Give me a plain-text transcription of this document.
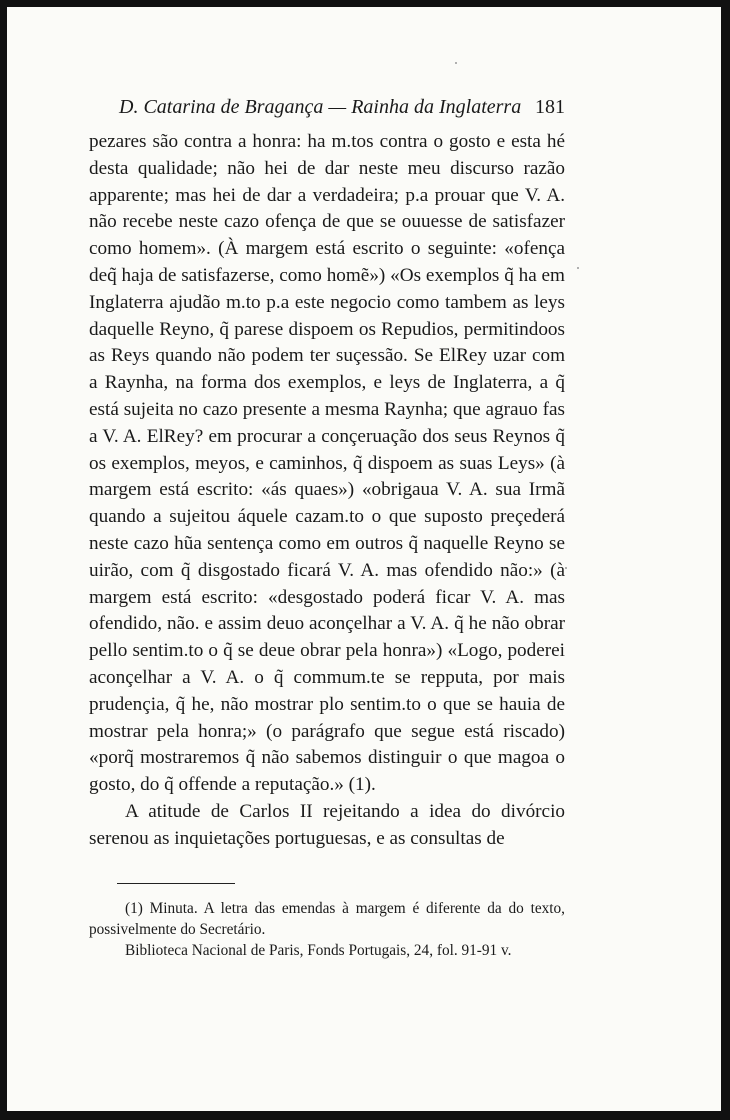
D. Catarina de Bragança — Rainha da Inglaterra 181

pezares são contra a honra: ha m.tos contra o gosto e esta hé desta qualidade; não hei de dar neste meu discurso razão apparente; mas hei de dar a verdadeira; p.a prouar que V. A. não recebe neste cazo ofença de que se ouuesse de satisfazer como homem». (À margem está escrito o seguinte: «ofença deq̃ haja de satisfazerse, como homẽ») «Os exemplos q̃ ha em Inglaterra ajudão m.to p.a este negocio como tambem as leys daquelle Reyno, q̃ parese dispoem os Repudios, permitindoos as Reys quando não podem ter suçessão. Se ElRey uzar com a Raynha, na forma dos exemplos, e leys de Inglaterra, a q̃ está sujeita no cazo presente a mesma Raynha; que agrauo fas a V. A. ElRey? em procurar a conçeruação dos seus Reynos q̃ os exemplos, meyos, e caminhos, q̃ dispoem as suas Leys» (à margem está escrito: «ás quaes») «obrigaua V. A. sua Irmã quando a sujeitou áquele cazam.to o que suposto preçederá neste cazo hũa sentença como em outros q̃ naquelle Reyno se uirão, com q̃ disgostado ficará V. A. mas ofendido não:» (à margem está escrito: «desgostado poderá ficar V. A. mas ofendido, não. e assim deuo aconçelhar a V. A. q̃ he não obrar pello sentim.to o q̃ se deue obrar pela honra») «Logo, poderei aconçelhar a V. A. o q̃ commum.te se repputa, por mais prudençia, q̃ he, não mostrar plo sentim.to o que se hauia de mostrar pela honra;» (o parágrafo que segue está riscado) «porq̃ mostraremos q̃ não sabemos distinguir o que magoa o gosto, do q̃ offende a reputação.» (1).

A atitude de Carlos II rejeitando a idea do divórcio serenou as inquietações portuguesas, e as consultas de

(1) Minuta. A letra das emendas à margem é diferente da do texto, possivelmente do Secretário.

Biblioteca Nacional de Paris, Fonds Portugais, 24, fol. 91-91 v.
